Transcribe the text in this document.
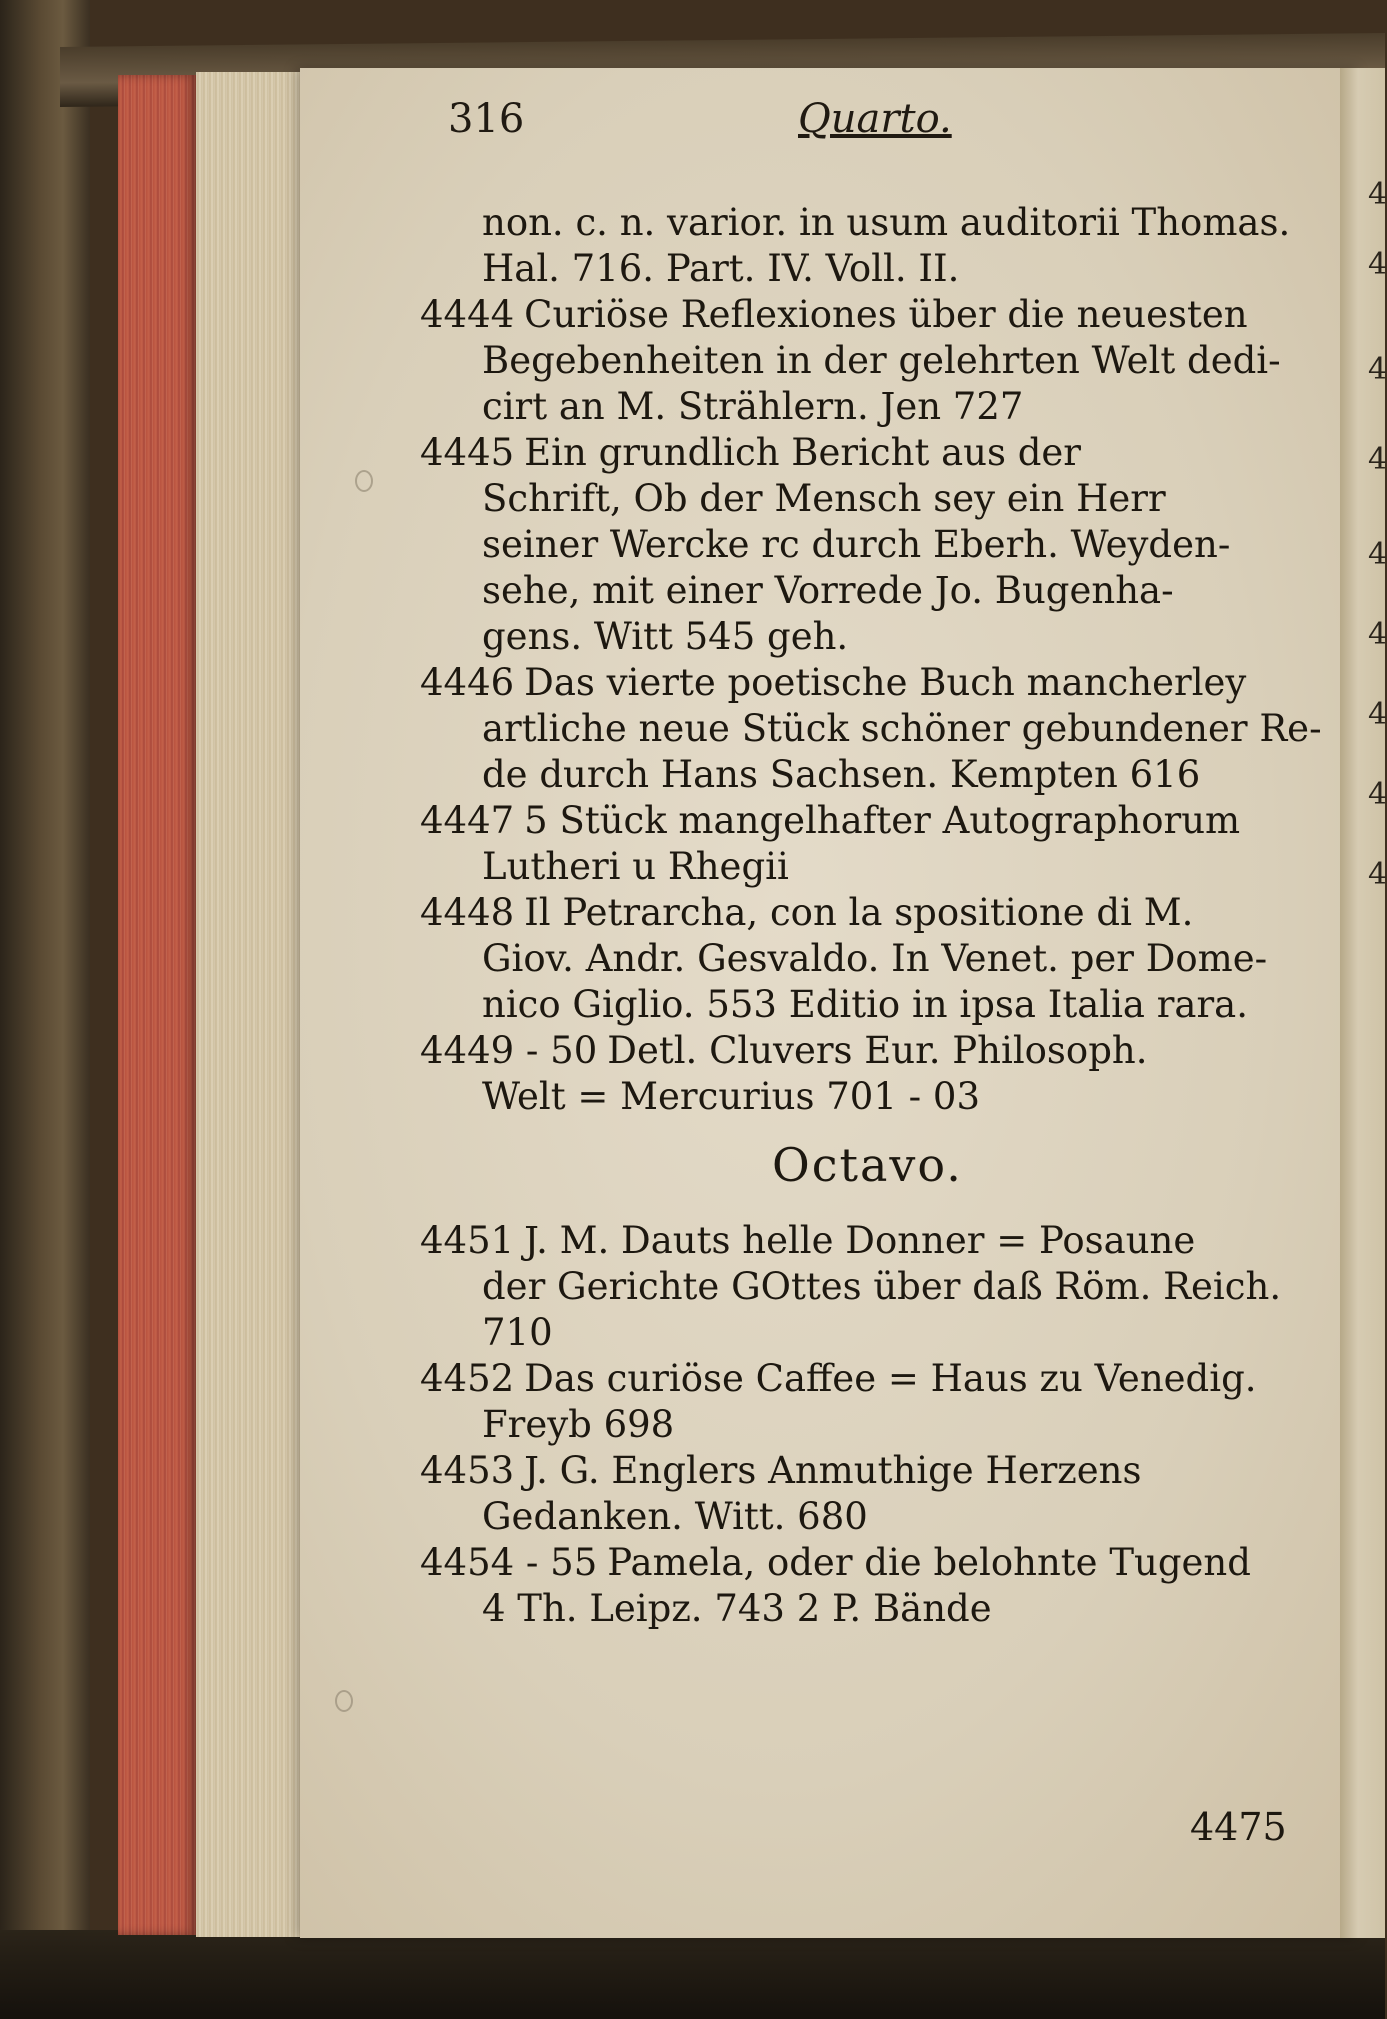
4
4
4
4
4
4
4
4
4
316	Quarto.
non. c. n. varior. in usum auditorii Thomas.
Hal. 716. Part. IV. Voll. II.
4444 Curiöse Reflexiones über die neuesten
Begebenheiten in der gelehrten Welt dedi-
cirt an M. Strählern. Jen 727
4445 Ein grundlich Bericht aus der
Schrift, Ob der Mensch sey ein Herr
seiner Wercke rc durch Eberh. Weyden-
sehe, mit einer Vorrede Jo. Bugenha-
gens. Witt 545 geh.
4446 Das vierte poetische Buch mancherley
artliche neue Stück schöner gebundener Re-
de durch Hans Sachsen. Kempten 616
4447 5 Stück mangelhafter Autographorum
Lutheri u Rhegii
4448 Il Petrarcha, con la spositione di M.
Giov. Andr. Gesvaldo. In Venet. per Dome-
nico Giglio. 553 Editio in ipsa Italia rara.
4449 - 50 Detl. Cluvers Eur. Philosoph.
Welt = Mercurius 701 - 03
Octavo.
4451 J. M. Dauts helle Donner = Posaune
der Gerichte GOttes über daß Röm. Reich.
710
4452 Das curiöse Caffee = Haus zu Venedig.
Freyb 698
4453 J. G. Englers Anmuthige Herzens
Gedanken. Witt. 680
4454 - 55 Pamela, oder die belohnte Tugend
4 Th. Leipz. 743 2 P. Bände
4475
